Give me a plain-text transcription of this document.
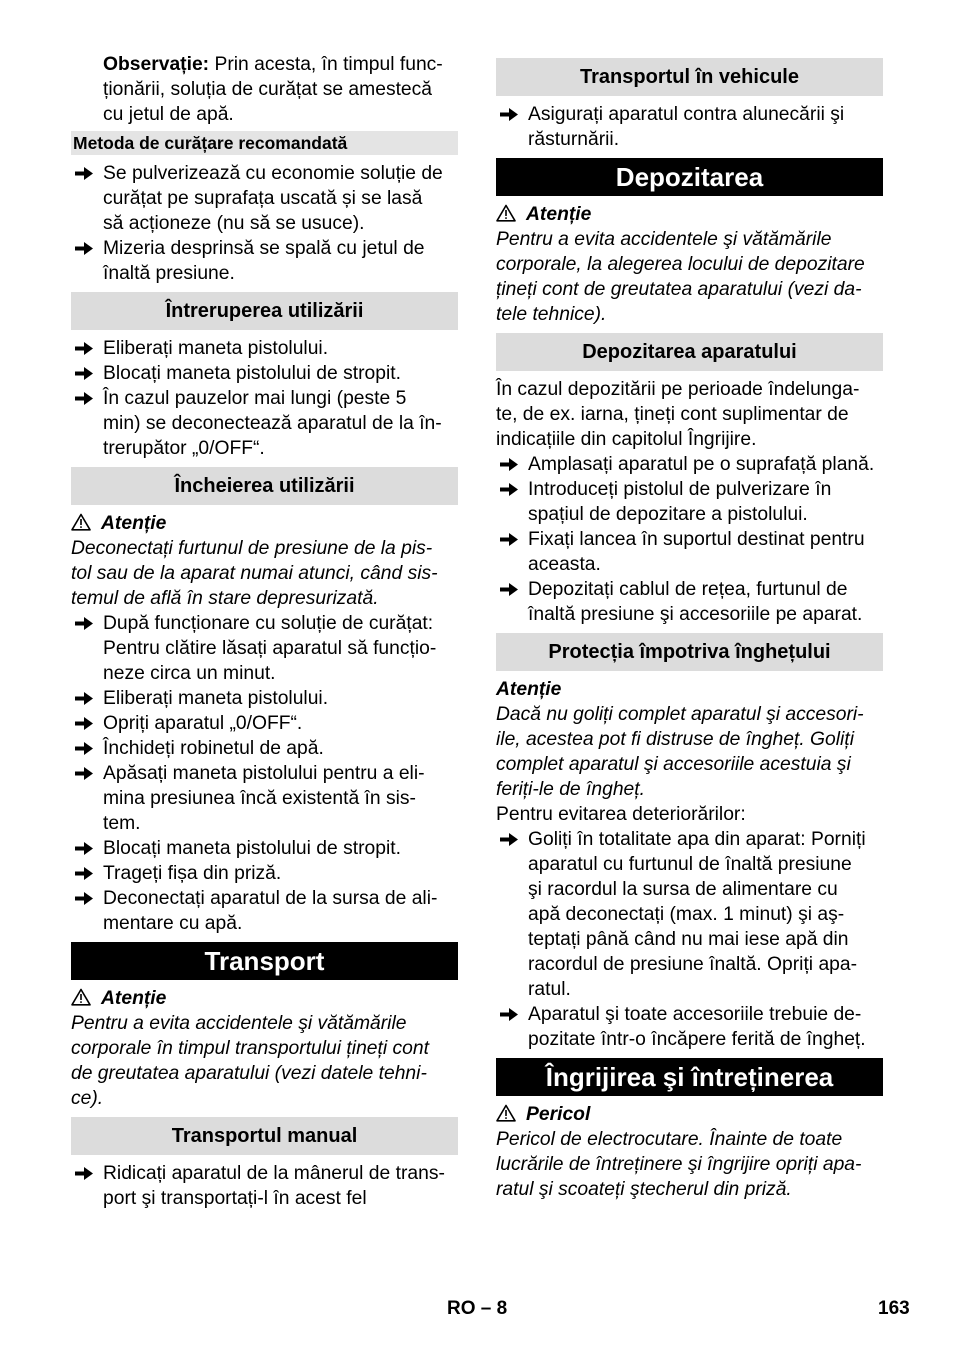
Observație: Prin acesta, în timpul func-

ționării, soluția de curățat se amestecă

cu jetul de apă.

Metoda de curățare recomandată

Se pulverizează cu economie soluție de

curățat pe suprafața uscată și se lasă

să acționeze (nu să se usuce).

Mizeria desprinsă se spală cu jetul de

înaltă presiune.

Întreruperea utilizării

Eliberați maneta pistolului.

Blocați maneta pistolului de stropit.

În cazul pauzelor mai lungi (peste 5

min) se deconectează aparatul de la în-

trerupător „0/OFF“.

Încheierea utilizării
Atenție

Deconectați furtunul de presiune de la pis-

tol sau de la aparat numai atunci, când sis-

temul de află în stare depresurizată.

După funcționare cu soluție de curățat:

Pentru clătire lăsați aparatul să funcțio-

neze circa un minut.

Eliberați maneta pistolului.

Opriți aparatul „0/OFF“.

Închideți robinetul de apă.

Apăsați maneta pistolului pentru a eli-

mina presiunea încă existentă în sis-

tem.

Blocați maneta pistolului de stropit.

Trageți fișa din priză.

Deconectați aparatul de la sursa de ali-

mentare cu apă.

Transport
Atenție

Pentru a evita accidentele şi vătămările

corporale în timpul transportului țineți cont

de greutatea aparatului (vezi datele tehni-

ce).

Transportul manual

Ridicați aparatul de la mânerul de trans-

port şi transportați-l în acest fel

Transportul în vehicule

Asigurați aparatul contra alunecării şi

răsturnării.

Depozitarea
Atenție

Pentru a evita accidentele şi vătămările

corporale, la alegerea locului de depozitare

țineți cont de greutatea aparatului (vezi da-

tele tehnice).

Depozitarea aparatului

În cazul depozitării pe perioade îndelunga-

te, de ex. iarna, țineți cont suplimentar de

indicațiile din capitolul Îngrijire.

Amplasați aparatul pe o suprafață plană.

Introduceți pistolul de pulverizare în

spațiul de depozitare a pistolului.

Fixați lancea în suportul destinat pentru

aceasta.

Depozitați cablul de rețea, furtunul de

înaltă presiune şi accesoriile pe aparat.

Protecția împotriva înghețului
Atenție

Dacă nu goliți complet aparatul şi accesori-

ile, acestea pot fi distruse de îngheț. Goliți

complet aparatul şi accesoriile acestuia şi

feriți-le de îngheț.

Pentru evitarea deteriorărilor:

Goliți în totalitate apa din aparat: Porniți

aparatul cu furtunul de înaltă presiune

şi racordul la sursa de alimentare cu

apă deconectați (max. 1 minut) şi aş-

teptați până când nu mai iese apă din

racordul de presiune înaltă. Opriți apa-

ratul.

Aparatul şi toate accesoriile trebuie de-

pozitate într-o încăpere ferită de îngheț.

Îngrijirea şi întreținerea
Pericol

Pericol de electrocutare. Înainte de toate

lucrările de întreținere şi îngrijire opriți apa-

ratul şi scoateți ştecherul din priză.

RO – 8	163
